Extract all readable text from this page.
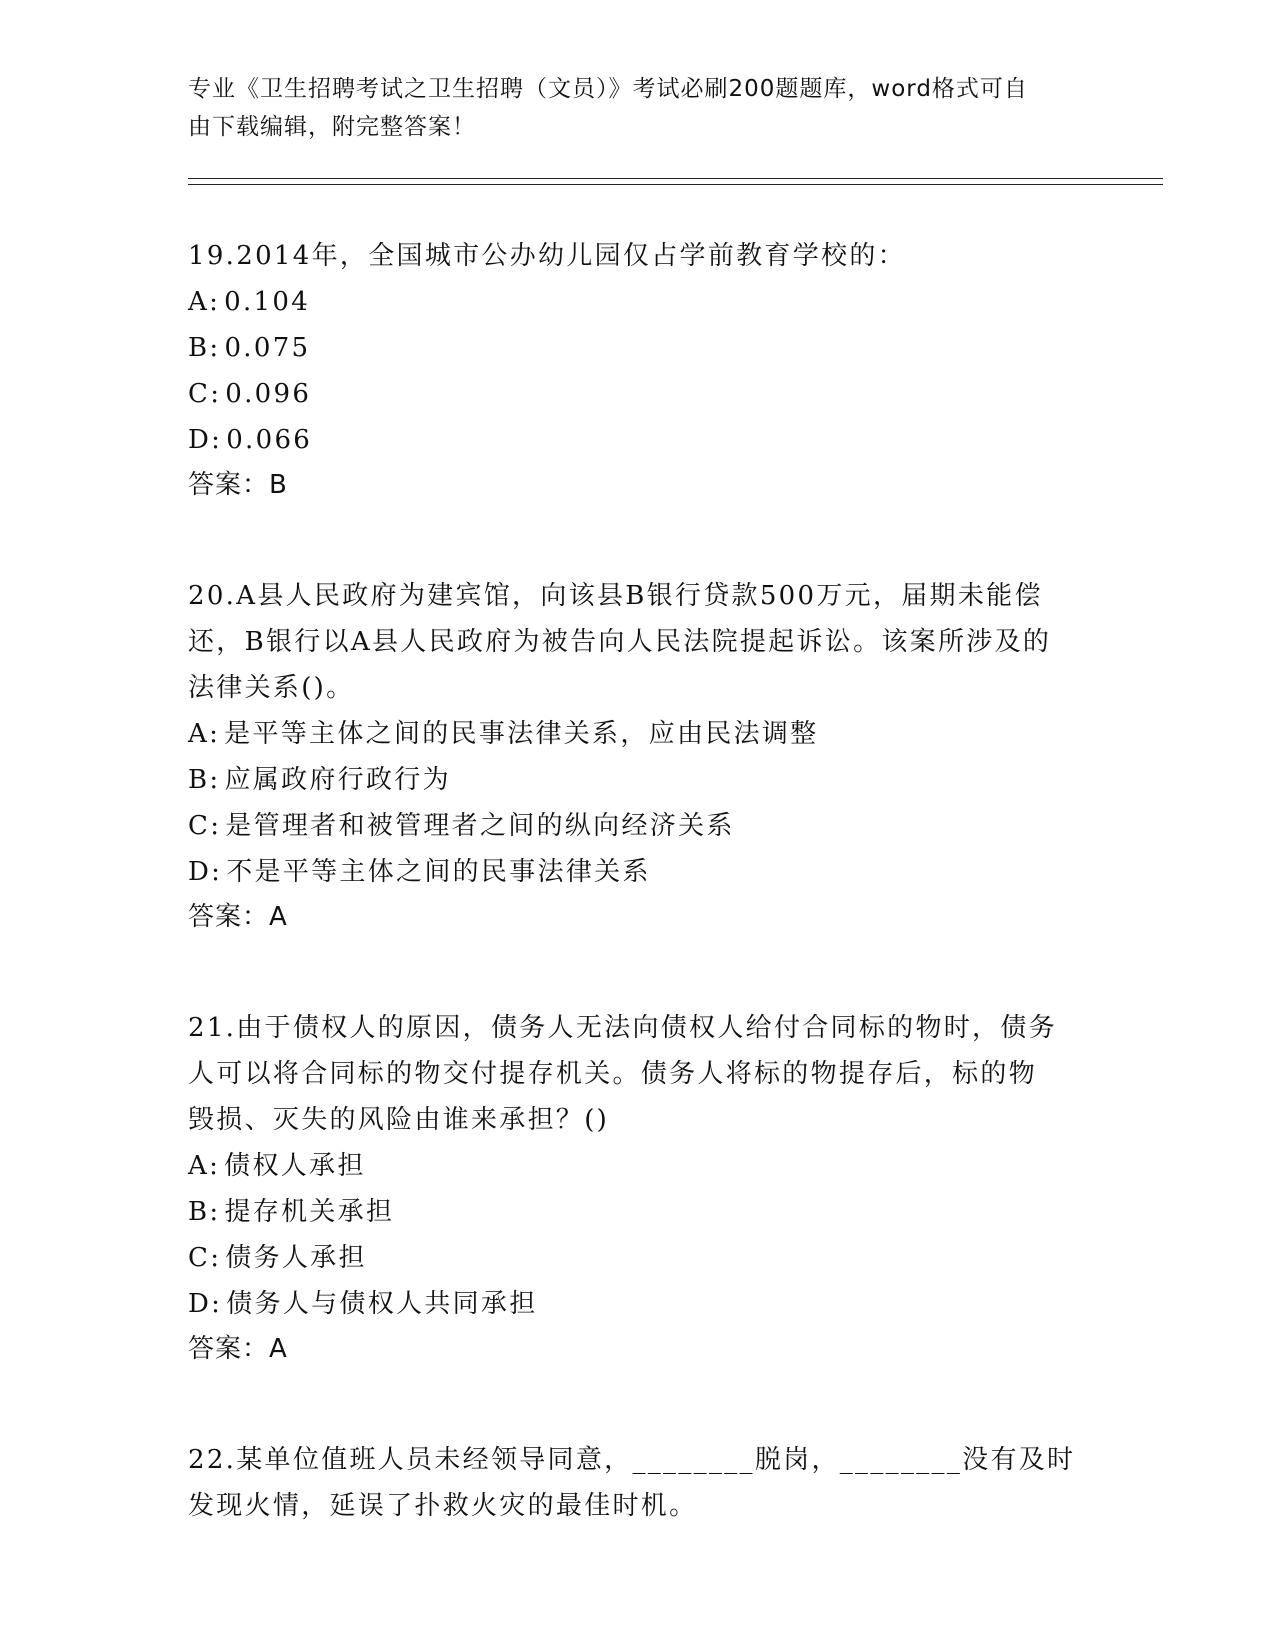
专业《卫生招聘考试之卫生招聘（文员）》考试必刷200题题库，word格式可自
由下载编辑，附完整答案！

19.2014年，全国城市公办幼儿园仅占学前教育学校的：

A: 0.104

B: 0.075

C: 0.096

D: 0.066

答案：B

20.A县人民政府为建宾馆，向该县B银行贷款500万元，届期未能偿

还，B银行以A县人民政府为被告向人民法院提起诉讼。该案所涉及的

法律关系()。

A: 是平等主体之间的民事法律关系，应由民法调整

B: 应属政府行政行为

C: 是管理者和被管理者之间的纵向经济关系

D: 不是平等主体之间的民事法律关系

答案：A

21.由于债权人的原因，债务人无法向债权人给付合同标的物时，债务

人可以将合同标的物交付提存机关。债务人将标的物提存后，标的物

毁损、灭失的风险由谁来承担？()

A: 债权人承担

B: 提存机关承担

C: 债务人承担

D: 债务人与债权人共同承担

答案：A

22.某单位值班人员未经领导同意，________脱岗，________没有及时

发现火情，延误了扑救火灾的最佳时机。
